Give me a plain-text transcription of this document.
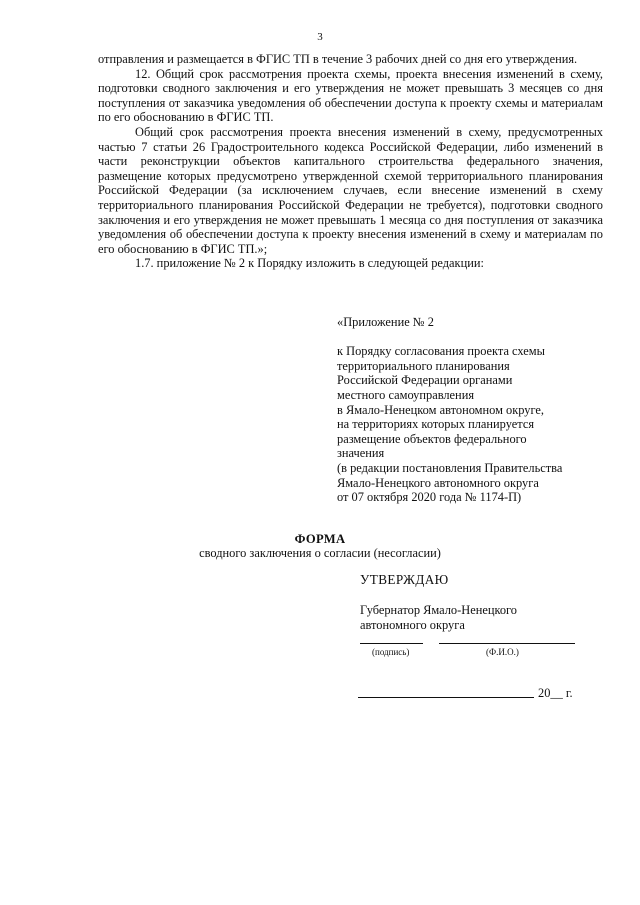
3

отправления и размещается в ФГИС ТП в течение 3 рабочих дней со дня его утверждения.

12. Общий срок рассмотрения проекта схемы, проекта внесения изменений в схему, подготовки сводного заключения и его утверждения не может превышать 3 месяцев со дня поступления от заказчика уведомления об обеспечении доступа к проекту схемы и материалам по его обоснованию в ФГИС ТП.

Общий срок рассмотрения проекта внесения изменений в схему, предусмотренных частью 7 статьи 26 Градостроительного кодекса Российской Федерации, либо изменений в части реконструкции объектов капитального строительства федерального значения, размещение которых предусмотрено утвержденной схемой территориального планирования Российской Федерации (за исключением случаев, если внесение изменений в схему территориального планирования Российской Федерации не требуется), подготовки сводного заключения и его утверждения не может превышать 1 месяца со дня поступления от заказчика уведомления об обеспечении доступа к проекту внесения изменений в схему и материалам по его обоснованию в ФГИС ТП.»;

1.7. приложение № 2 к Порядку изложить в следующей редакции:

«Приложение № 2
к Порядку согласования проекта схемы
территориального планирования
Российской Федерации органами
местного самоуправления
в Ямало-Ненецком автономном округе,
на территориях которых планируется
размещение объектов федерального
значения
(в редакции постановления Правительства
Ямало-Ненецкого автономного округа
от 07 октября 2020 года № 1174-П)
ФОРМА
сводного заключения о согласии (несогласии)
УТВЕРЖДАЮ
Губернатор Ямало-Ненецкого
автономного округа
(подпись)	(Ф.И.О.)
20__ г.
